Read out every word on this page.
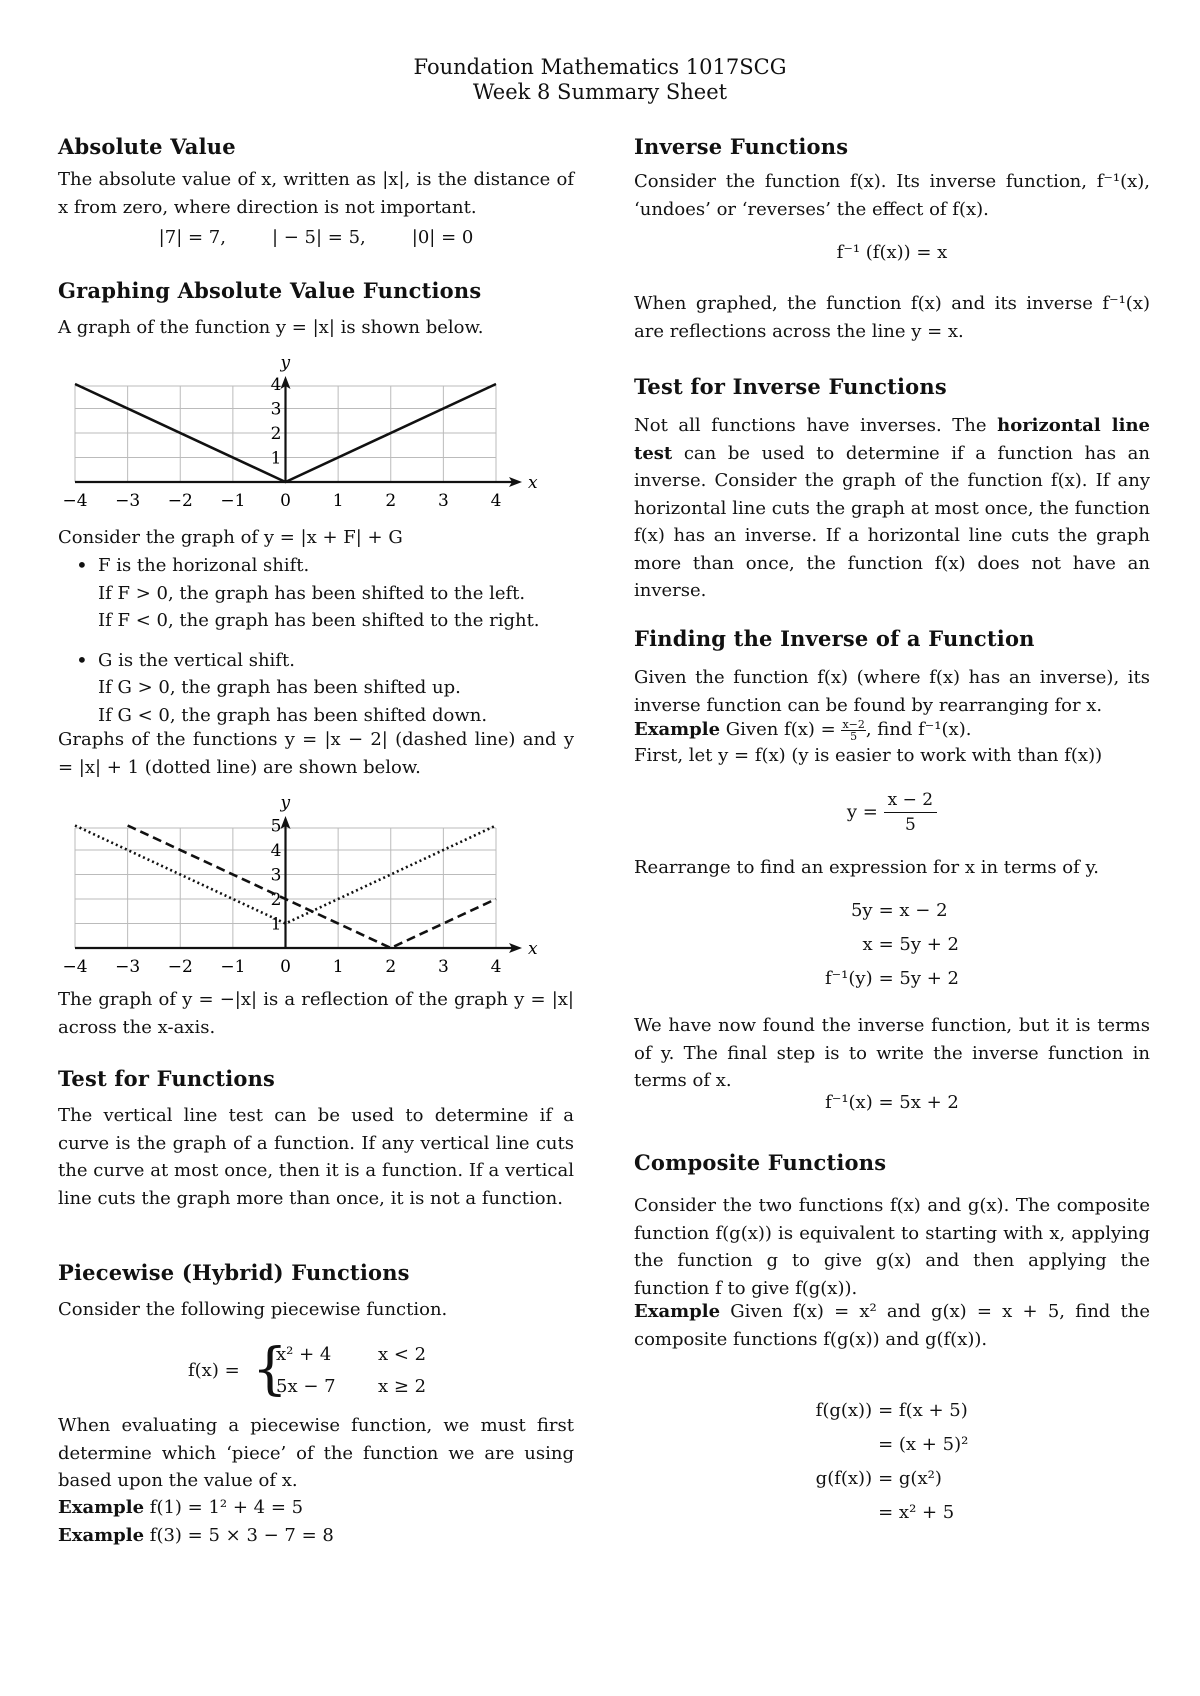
Foundation Mathematics 1017SCG
Week 8 Summary Sheet
Absolute Value

The absolute value of x, written as |x|, is the distance of x from zero, where direction is not important.

|7| = 7,	| − 5| = 5,	|0| = 0
Graphing Absolute Value Functions

A graph of the function y = |x| is shown below.

x
y
−4 −3 −2 −1 0 1 2 3 4
1
2
3
4

Consider the graph of y = |x + F| + G

• F is the horizonal shift.
If F > 0, the graph has been shifted to the left.
If F < 0, the graph has been shifted to the right.
• G is the vertical shift.
If G > 0, the graph has been shifted up.
If G < 0, the graph has been shifted down.

Graphs of the functions y = |x − 2| (dashed line) and y = |x| + 1 (dotted line) are shown below.

x
y
−4 −3 −2 −1 0 1 2 3 4
1
2
3
4
5

The graph of y = −|x| is a reflection of the graph y = |x| across the x-axis.

Test for Functions

The vertical line test can be used to determine if a curve is the graph of a function. If any vertical line cuts the curve at most once, then it is a function. If a vertical line cuts the graph more than once, it is not a function.

Piecewise (Hybrid) Functions

Consider the following piecewise function.

f(x) = {
x² + 4	x < 2
5x − 7 x ≥ 2

When evaluating a piecewise function, we must first determine which ‘piece’ of the function we are using based upon the value of x.

Example f(1) = 1² + 4 = 5

Example f(3) = 5 × 3 − 7 = 8

Inverse Functions

Consider the function f(x). Its inverse function, f⁻¹(x), ‘undoes’ or ‘reverses’ the effect of f(x).

f⁻¹ (f(x)) = x

When graphed, the function f(x) and its inverse f⁻¹(x) are reflections across the line y = x.

Test for Inverse Functions

Not all functions have inverses. The horizontal line test can be used to determine if a function has an inverse. Consider the graph of the function f(x). If any horizontal line cuts the graph at most once, the function f(x) has an inverse. If a horizontal line cuts the graph more than once, the function f(x) does not have an inverse.

Finding the Inverse of a Function

Given the function f(x) (where f(x) has an inverse), its inverse function can be found by rearranging for x.

Example Given $f(x) = \frac{x-2}{5}$ , find f⁻¹(x).

First, let y = f(x) (y is easier to work with than f(x))

$y = \frac{x - 2}{5}$

Rearrange to find an expression for x in terms of y.

5y = x − 2
x = 5y + 2
f⁻¹(y) = 5y + 2

We have now found the inverse function, but it is terms of y. The final step is to write the inverse function in terms of x.

f⁻¹(x) = 5x + 2
Composite Functions

Consider the two functions f(x) and g(x). The composite function f(g(x)) is equivalent to starting with x, applying the function g to give g(x) and then applying the function f to give f(g(x)).

Example Given f(x) = x² and g(x) = x + 5, find the composite functions f(g(x)) and g(f(x)).

f(g(x)) = f(x + 5)
= (x + 5)²
g(f(x)) = g(x²)
= x² + 5
